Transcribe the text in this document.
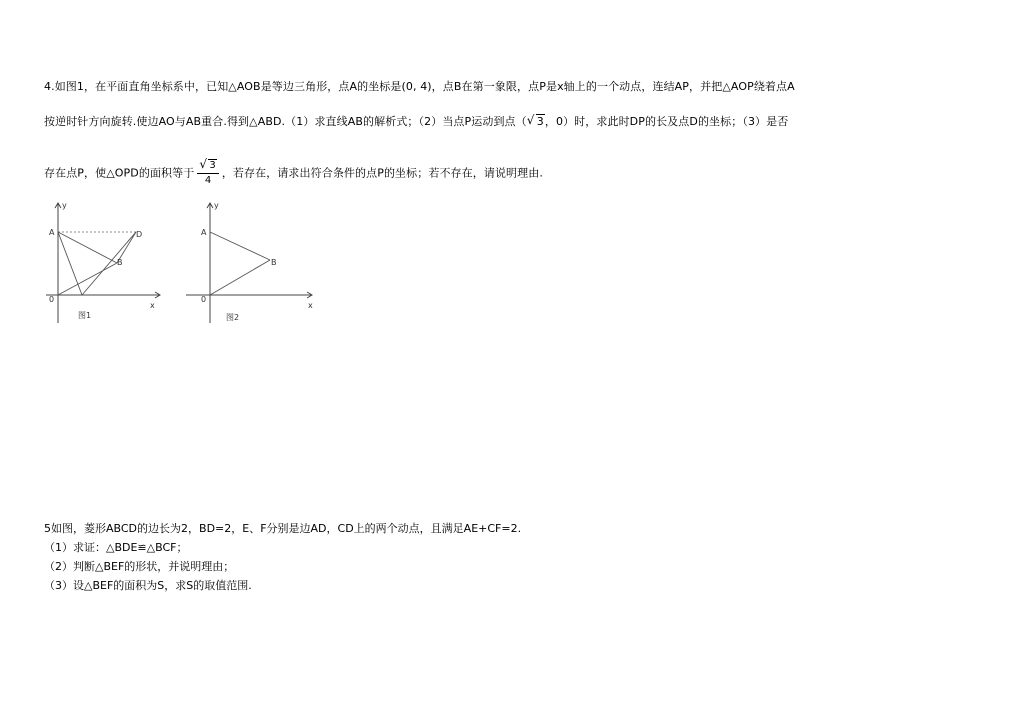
4.如图1，在平面直角坐标系中，已知△AOB是等边三角形，点A的坐标是(0, 4)，点B在第一象限，点P是x轴上的一个动点，连结AP，并把△AOP绕着点A
按逆时针方向旋转.使边AO与AB重合.得到△ABD.（1）求直线AB的解析式；（2）当点P运动到点（ √ 3，0）时，求此时DP的长及点D的坐标；（3）是否
存在点P，使△OPD的面积等于 $\frac{√ 3}{4}$ ，若存在，请求出符合条件的点P的坐标；若不存在，请说明理由.
y
A	D
B
0
x
图1
y
A
B
0
x
图2
5如图，菱形ABCD的边长为2，BD=2，E、F分别是边AD，CD上的两个动点，且满足AE+CF=2.
（1）求证：△BDE≌△BCF；
（2）判断△BEF的形状，并说明理由；
（3）设△BEF的面积为S，求S的取值范围.
